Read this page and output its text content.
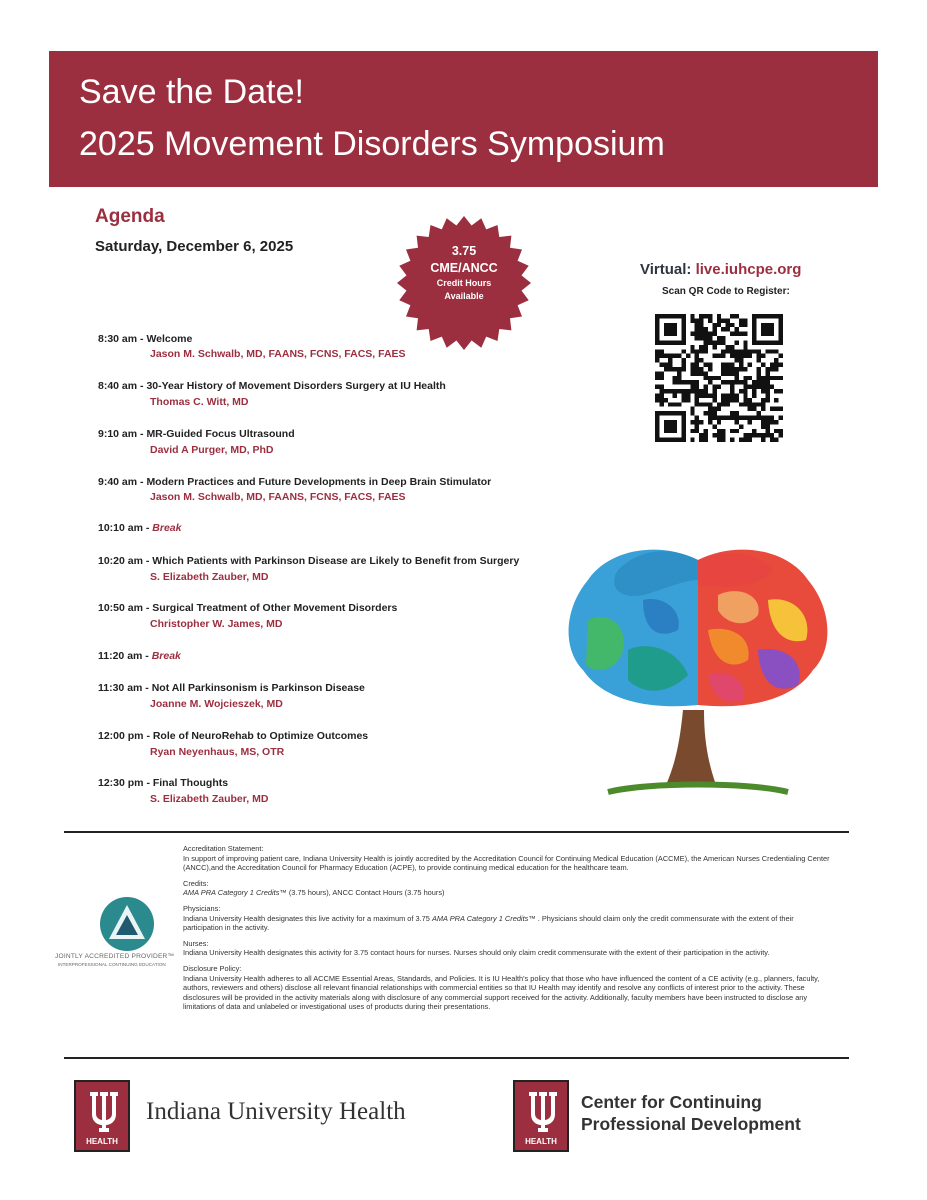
Save the Date!
2025 Movement Disorders Symposium
Agenda
Saturday, December 6, 2025	3.75
CME/ANCC
Credit Hours
Available
Virtual: live.iuhcpe.org
Scan QR Code to Register:
8:30 am - Welcome
Jason M. Schwalb, MD, FAANS, FCNS, FACS, FAES
8:40 am - 30-Year History of Movement Disorders Surgery at IU Health
Thomas C. Witt, MD
9:10 am - MR-Guided Focus Ultrasound
David A Purger, MD, PhD
9:40 am - Modern Practices and Future Developments in Deep Brain Stimulator
Jason M. Schwalb, MD, FAANS, FCNS, FACS, FAES
10:10 am - Break
10:20 am - Which Patients with Parkinson Disease are Likely to Benefit from Surgery
S. Elizabeth Zauber, MD
10:50 am - Surgical Treatment of Other Movement Disorders
Christopher W. James, MD
11:20 am - Break
11:30 am - Not All Parkinsonism is Parkinson Disease
Joanne M. Wojcieszek, MD
12:00 pm - Role of NeuroRehab to Optimize Outcomes
Ryan Neyenhaus, MS, OTR
12:30 pm - Final Thoughts
S. Elizabeth Zauber, MD
JOINTLY ACCREDITED PROVIDER™
INTERPROFESSIONAL CONTINUING EDUCATION

Accreditation Statement:
In support of improving patient care, Indiana University Health is jointly accredited by the Accreditation Council for Continuing Medical Education (ACCME), the American Nurses Credentialing Center (ANCC),and the Accreditation Council for Pharmacy Education (ACPE), to provide continuing medical education for the healthcare team.

Credits:
AMA PRA Category 1 Credits™ (3.75 hours), ANCC Contact Hours (3.75 hours)

Physicians:
Indiana University Health designates this live activity for a maximum of 3.75 AMA PRA Category 1 Credits™ . Physicians should claim only the credit commensurate with the extent of their participation in the activity.

Nurses:
Indiana University Health designates this activity for 3.75 contact hours for nurses. Nurses should only claim credit commensurate with the extent of their participation in the activity.

Disclosure Policy:
Indiana University Health adheres to all ACCME Essential Areas, Standards, and Policies. It is IU Health's policy that those who have influenced the content of a CE activity (e.g., planners, faculty, authors, reviewers and others) disclose all relevant financial relationships with commercial entities so that IU Health may identify and resolve any conflicts of interest prior to the activity. These disclosures will be provided in the activity materials along with disclosure of any commercial support received for the activity. Additionally, faculty members have been instructed to disclose any limitations of data and unlabeled or investigational uses of products during their presentations.

HEALTH
Indiana University Health
HEALTH
Center for Continuing
Professional Development
